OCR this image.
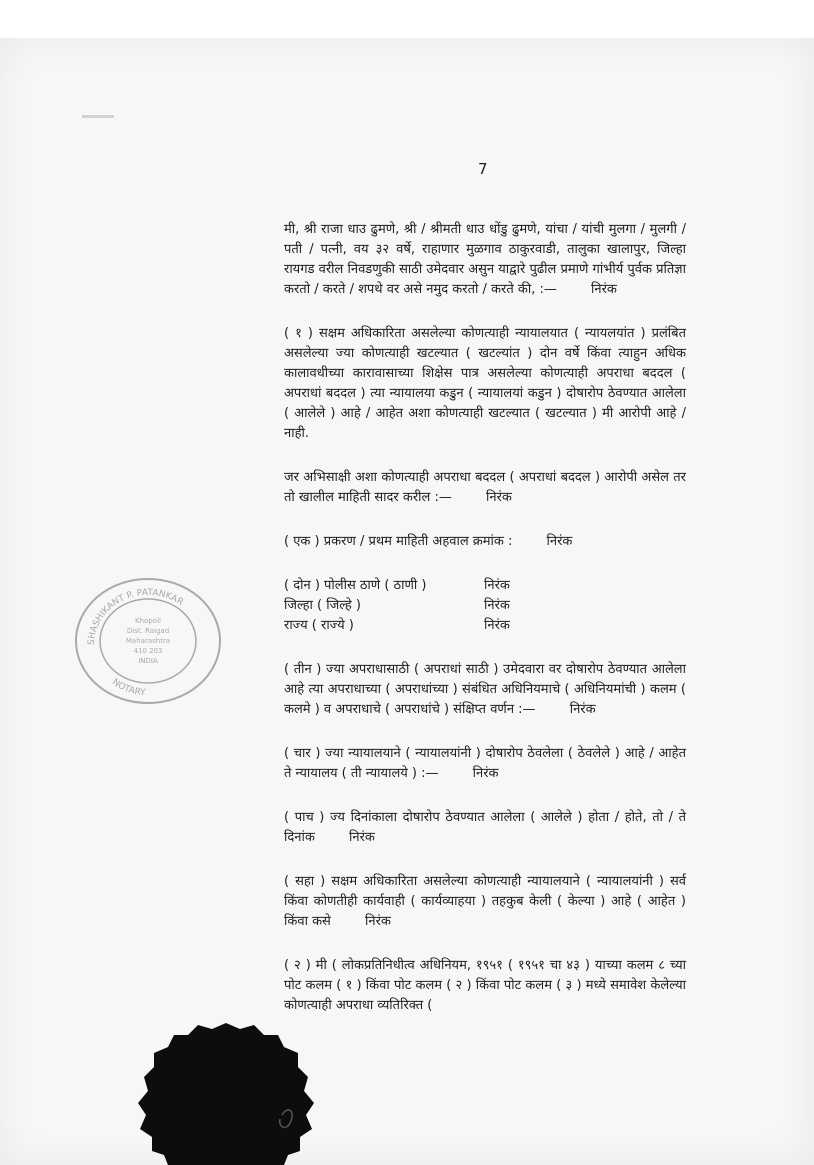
7

मी, श्री राजा धाउ ढुमणे, श्री / श्रीमती धाउ धोंडु ढुमणे, यांचा / यांची मुलगा / मुलगी / पती / पत्नी, वय ३२ वर्षे, राहाणार मुळगाव ठाकुरवाडी, तालुका खालापुर, जिल्हा रायगड वरील निवडणुकी साठी उमेदवार असुन याद्वारे पुढील प्रमाणे गांभीर्य पुर्वक प्रतिज्ञा करतो / करते / शपथे वर असे नमुद करतो / करते की, :—	निरंक

( १ ) सक्षम अधिकारिता असलेल्या कोणत्याही न्यायालयात ( न्यायलयांत ) प्रलंबित असलेल्या ज्या कोणत्याही खटल्यात ( खटल्यांत ) दोन वर्षे किंवा त्याहुन अधिक कालावधीच्या कारावासाच्या शिक्षेस पात्र असलेल्या कोणत्याही अपराधा बददल ( अपराधां बददल ) त्या न्यायालया कडुन ( न्यायालयां कडुन ) दोषारोप ठेवण्यात आलेला ( आलेले ) आहे / आहेत अशा कोणत्याही खटल्यात ( खटल्यात ) मी आरोपी आहे / नाही.

जर अभिसाक्षी अशा कोणत्याही अपराधा बददल ( अपराधां बददल ) आरोपी असेल तर तो खालील माहिती सादर करील :—	निरंक

( एक ) प्रकरण / प्रथम माहिती अहवाल क्रमांक :	निरंक

( दोन ) पोलीस ठाणे ( ठाणी )	निरंक
जिल्हा ( जिल्हे )	निरंक
राज्य ( राज्ये )	निरंक

( तीन ) ज्या अपराधासाठी ( अपराधां साठी ) उमेदवारा वर दोषारोप ठेवण्यात आलेला आहे त्या अपराधाच्या ( अपराधांच्या ) संबंधित अधिनियमाचे ( अधिनियमांची ) कलम ( कलमे ) व अपराधाचे ( अपराधांचे ) संक्षिप्त वर्णन :—	निरंक

( चार ) ज्या न्यायालयाने ( न्यायालयांनी ) दोषारोप ठेवलेला ( ठेवलेले ) आहे / आहेत ते न्यायालय ( ती न्यायालये ) :—	निरंक

( पाच ) ज्य दिनांकाला दोषारोप ठेवण्यात आलेला ( आलेले ) होता / होते, तो / ते दिनांक	निरंक

( सहा ) सक्षम अधिकारिता असलेल्या कोणत्याही न्यायालयाने ( न्यायालयांनी ) सर्व किंवा कोणतीही कार्यवाही ( कार्यव्याहया ) तहकुब केली ( केल्या ) आहे ( आहेत ) किंवा कसे	निरंक

( २ ) मी ( लोकप्रतिनिधीत्व अधिनियम, १९५१ ( १९५१ चा ४३ ) याच्या कलम ८ च्या पोट कलम ( १ ) किंवा पोट कलम ( २ ) किंवा पोट कलम ( ३ ) मध्ये समावेश केलेल्या कोणत्याही अपराधा व्यतिरिक्त (

SHASHIKANT P. PATANKAR
NOTARY
Khopoli
Dist. Raigad
Maharashtra
410 203
INDIA
